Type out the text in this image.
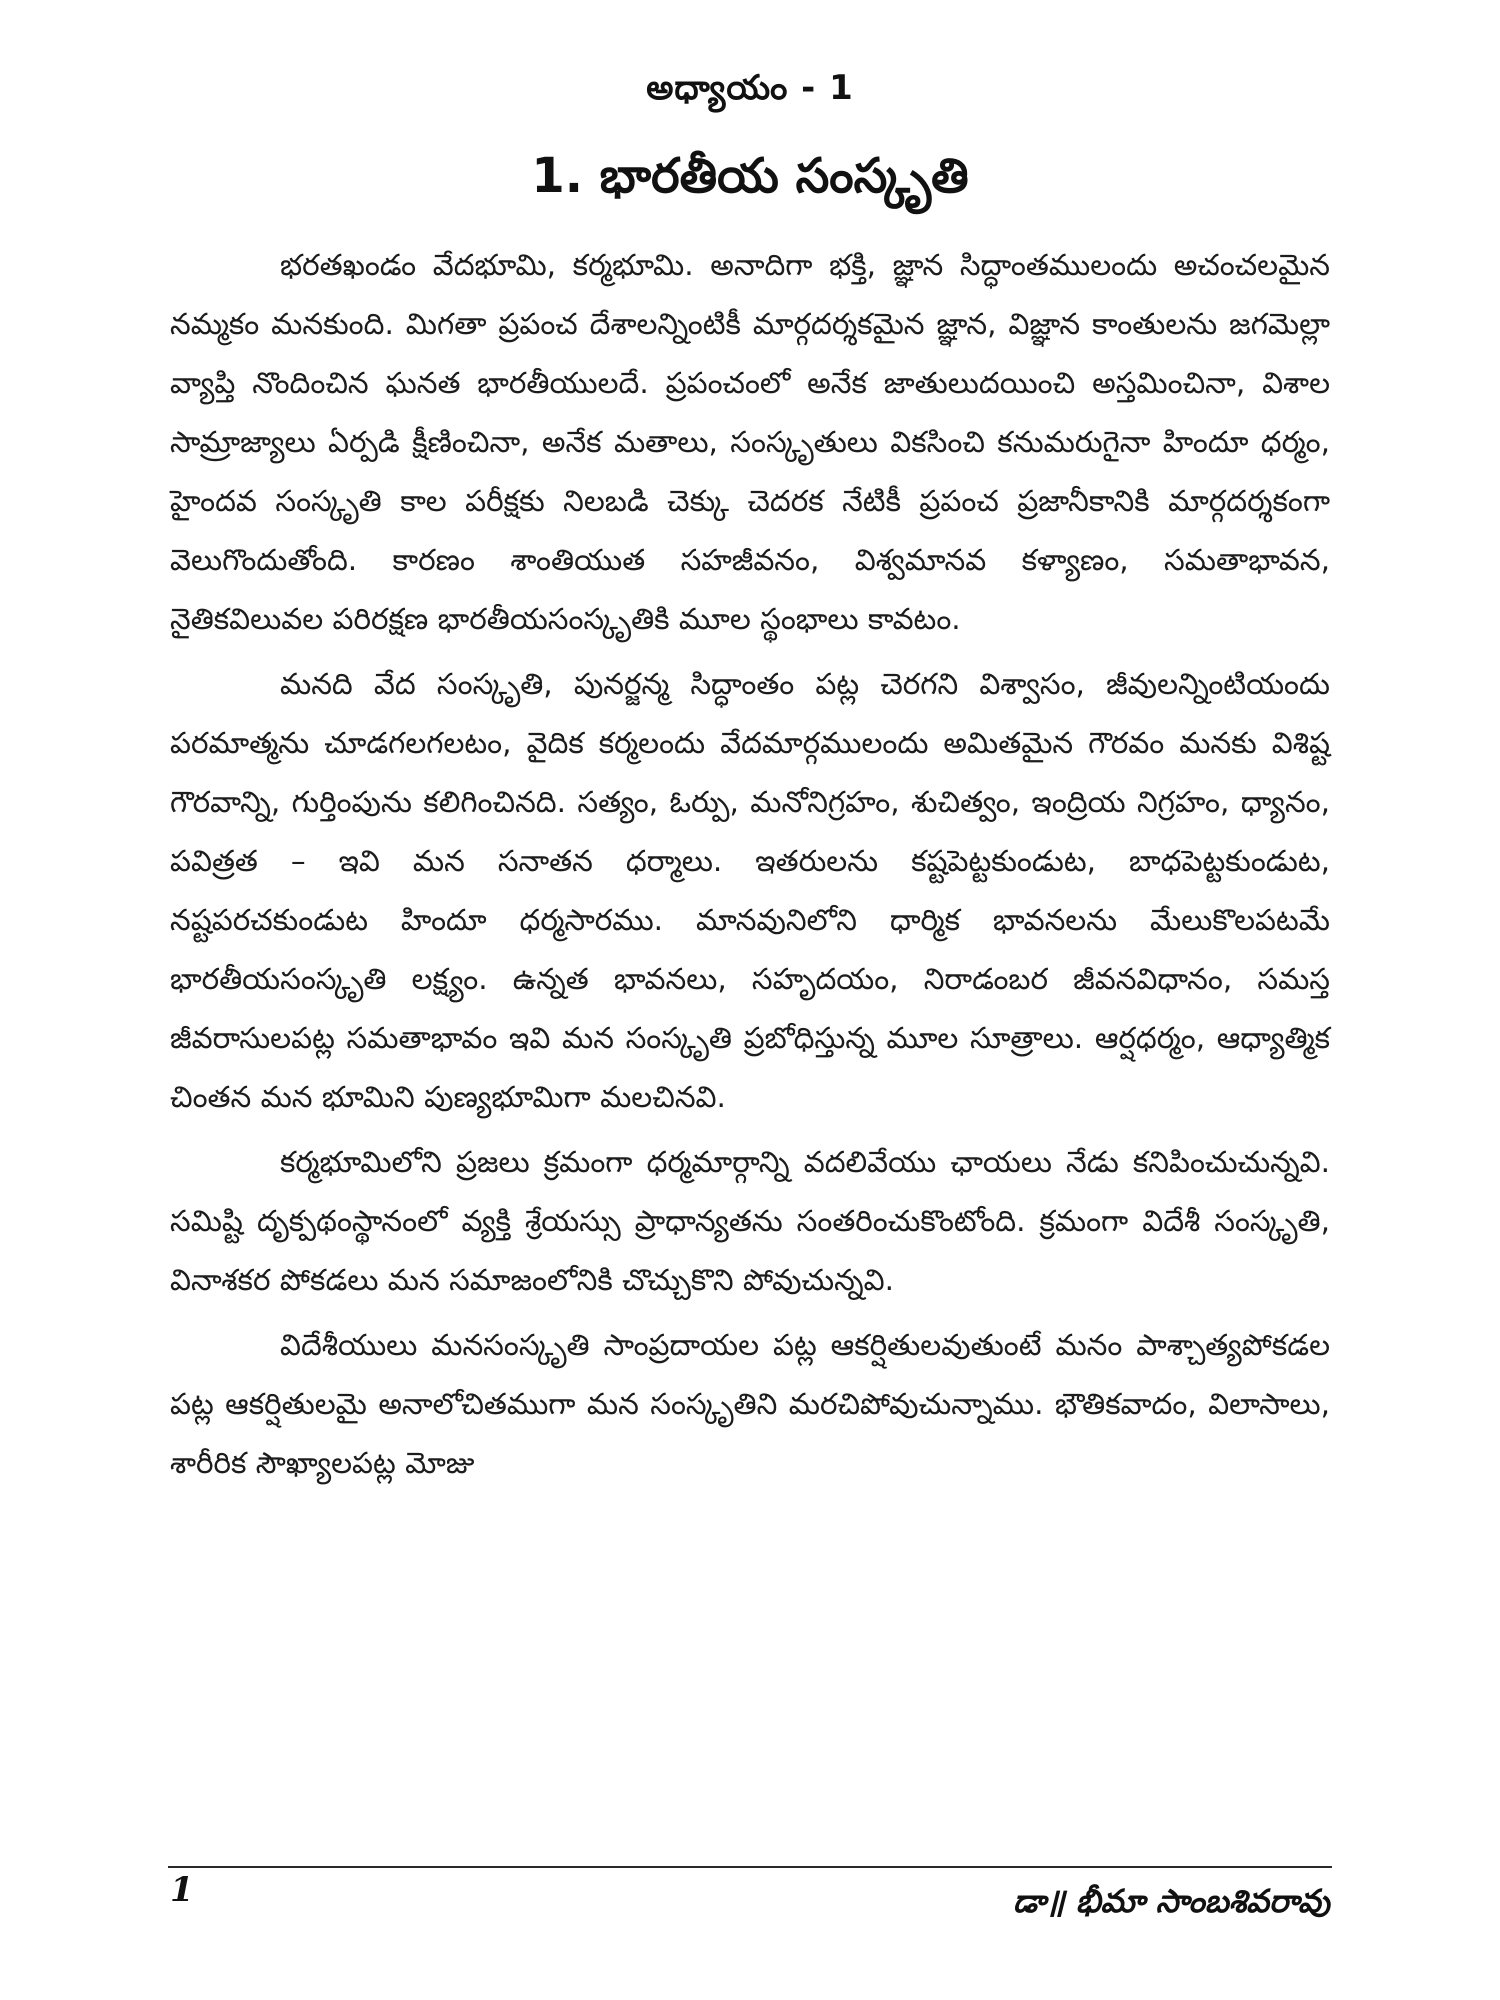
అధ్యాయం - 1
1. భారతీయ సంస్కృతి

భరతఖండం వేదభూమి, కర్మభూమి. అనాదిగా భక్తి, జ్ఞాన సిద్ధాంతములందు అచంచలమైన నమ్మకం మనకుంది. మిగతా ప్రపంచ దేశాలన్నింటికీ మార్గదర్శకమైన జ్ఞాన, విజ్ఞాన కాంతులను జగమెల్లా వ్యాప్తి నొందించిన ఘనత భారతీయులదే. ప్రపంచంలో అనేక జాతులుదయించి అస్తమించినా, విశాల సామ్రాజ్యాలు ఏర్పడి క్షీణించినా, అనేక మతాలు, సంస్కృతులు వికసించి కనుమరుగైనా హిందూ ధర్మం, హైందవ సంస్కృతి కాల పరీక్షకు నిలబడి చెక్కు చెదరక నేటికీ ప్రపంచ ప్రజానీకానికి మార్గదర్శకంగా వెలుగొందుతోంది. కారణం శాంతియుత సహజీవనం, విశ్వమానవ కళ్యాణం, సమతాభావన, నైతికవిలువల పరిరక్షణ భారతీయసంస్కృతికి మూల స్థంభాలు కావటం.

మనది వేద సంస్కృతి, పునర్జన్మ సిద్ధాంతం పట్ల చెరగని విశ్వాసం, జీవులన్నింటియందు పరమాత్మను చూడగలగలటం, వైదిక కర్మలందు వేదమార్గములందు అమితమైన గౌరవం మనకు విశిష్ట గౌరవాన్ని, గుర్తింపును కలిగించినది. సత్యం, ఓర్పు, మనోనిగ్రహం, శుచిత్వం, ఇంద్రియ నిగ్రహం, ధ్యానం, పవిత్రత – ఇవి మన సనాతన ధర్మాలు. ఇతరులను కష్టపెట్టకుండుట, బాధపెట్టకుండుట, నష్టపరచకుండుట హిందూ ధర్మసారము. మానవునిలోని ధార్మిక భావనలను మేలుకొలపటమే భారతీయసంస్కృతి లక్ష్యం. ఉన్నత భావనలు, సహృదయం, నిరాడంబర జీవనవిధానం, సమస్త జీవరాసులపట్ల సమతాభావం ఇవి మన సంస్కృతి ప్రబోధిస్తున్న మూల సూత్రాలు. ఆర్షధర్మం, ఆధ్యాత్మిక చింతన మన భూమిని పుణ్యభూమిగా మలచినవి.

కర్మభూమిలోని ప్రజలు క్రమంగా ధర్మమార్గాన్ని వదలివేయు ఛాయలు నేడు కనిపించుచున్నవి. సమిష్టి దృక్పథంస్థానంలో వ్యక్తి శ్రేయస్సు ప్రాధాన్యతను సంతరించుకొంటోంది. క్రమంగా విదేశీ సంస్కృతి, వినాశకర పోకడలు మన సమాజంలోనికి చొచ్చుకొని పోవుచున్నవి.

విదేశీయులు మనసంస్కృతి సాంప్రదాయల పట్ల ఆకర్షితులవుతుంటే మనం పాశ్చాత్యపోకడల పట్ల ఆకర్షితులమై అనాలోచితముగా మన సంస్కృతిని మరచిపోవుచున్నాము. భౌతికవాదం, విలాసాలు, శారీరిక సౌఖ్యాలపట్ల మోజు

1	డా॥ భీమా సాంబశివరావు
